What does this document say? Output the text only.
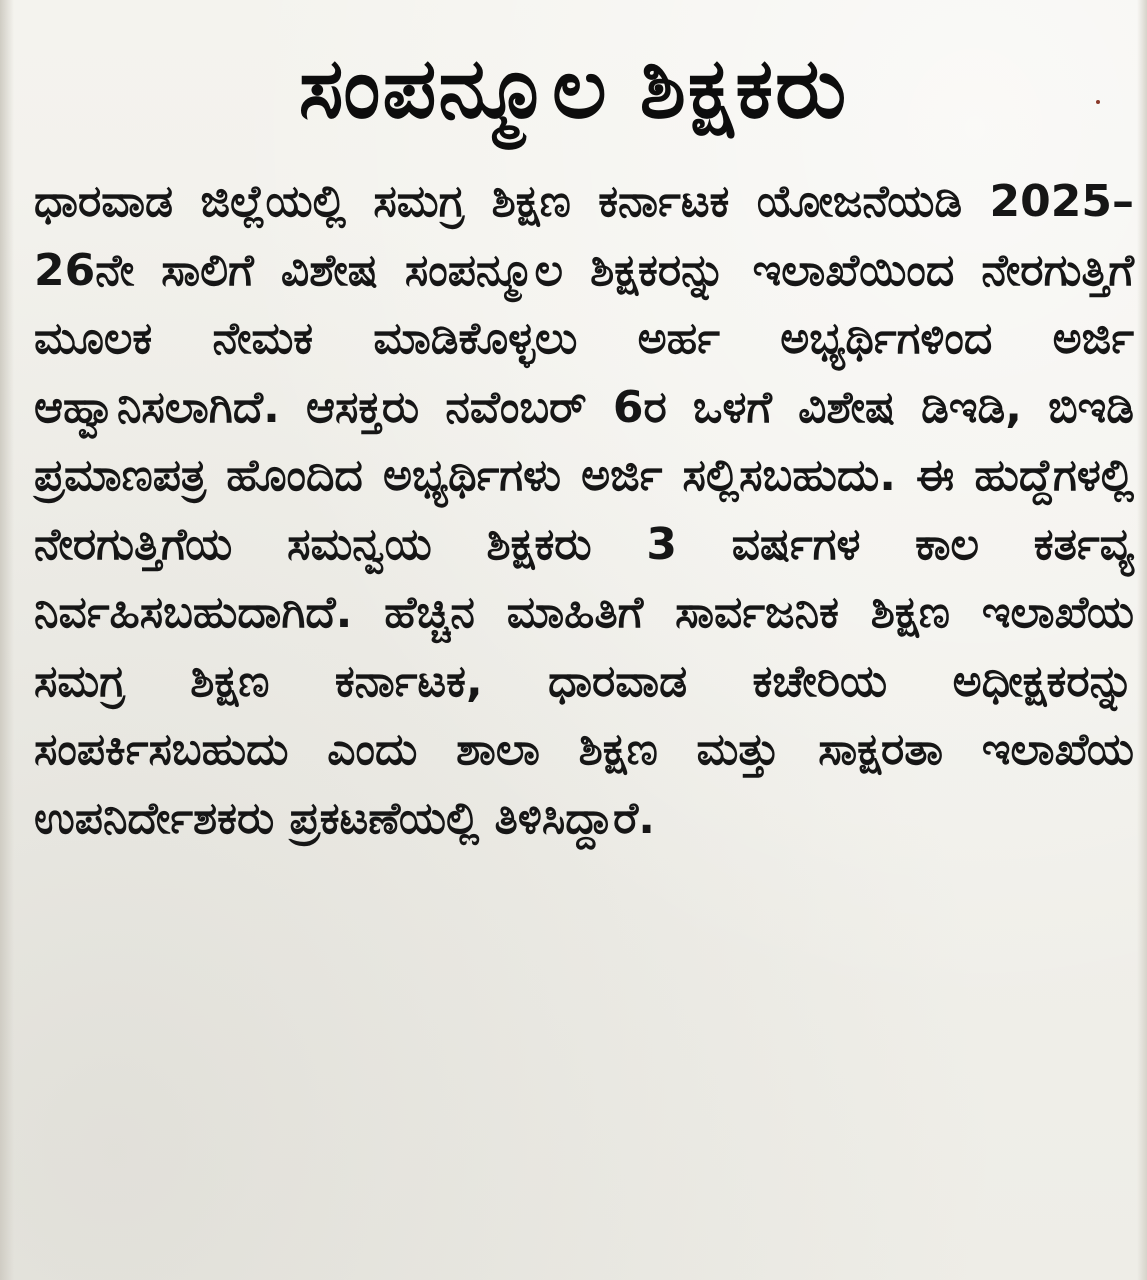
ಸಂಪನ್ಮೂಲ ಶಿಕ್ಷಕರು

ಧಾರವಾಡ ಜಿಲ್ಲೆಯಲ್ಲಿ ಸಮಗ್ರ ಶಿಕ್ಷಣ ಕರ್ನಾಟಕ ಯೋಜನೆಯಡಿ 2025–26ನೇ ಸಾಲಿಗೆ ವಿಶೇಷ ಸಂಪನ್ಮೂಲ ಶಿಕ್ಷಕರನ್ನು ಇಲಾಖೆಯಿಂದ ನೇರಗುತ್ತಿಗೆ ಮೂಲಕ ನೇಮಕ ಮಾಡಿಕೊಳ್ಳಲು ಅರ್ಹ ಅಭ್ಯರ್ಥಿಗಳಿಂದ ಅರ್ಜಿ ಆಹ್ವಾನಿಸಲಾಗಿದೆ. ಆಸಕ್ತರು ನವೆಂಬರ್ 6ರ ಒಳಗೆ ವಿಶೇಷ ಡಿಇಡಿ, ಬಿಇಡಿ ಪ್ರಮಾಣಪತ್ರ ಹೊಂದಿದ ಅಭ್ಯರ್ಥಿಗಳು ಅರ್ಜಿ ಸಲ್ಲಿಸಬಹುದು. ಈ ಹುದ್ದೆಗಳಲ್ಲಿ ನೇರಗುತ್ತಿಗೆಯ ಸಮನ್ವಯ ಶಿಕ್ಷಕರು 3 ವರ್ಷಗಳ ಕಾಲ ಕರ್ತವ್ಯ ನಿರ್ವಹಿಸಬಹುದಾಗಿದೆ. ಹೆಚ್ಚಿನ ಮಾಹಿತಿಗೆ ಸಾರ್ವಜನಿಕ ಶಿಕ್ಷಣ ಇಲಾಖೆಯ ಸಮಗ್ರ ಶಿಕ್ಷಣ ಕರ್ನಾಟಕ, ಧಾರವಾಡ ಕಚೇರಿಯ ಅಧೀಕ್ಷಕರನ್ನು ಸಂಪರ್ಕಿಸಬಹುದು ಎಂದು ಶಾಲಾ ಶಿಕ್ಷಣ ಮತ್ತು ಸಾಕ್ಷರತಾ ಇಲಾಖೆಯ ಉಪನಿರ್ದೇಶಕರು ಪ್ರಕಟಣೆಯಲ್ಲಿ ತಿಳಿಸಿದ್ದಾರೆ.
